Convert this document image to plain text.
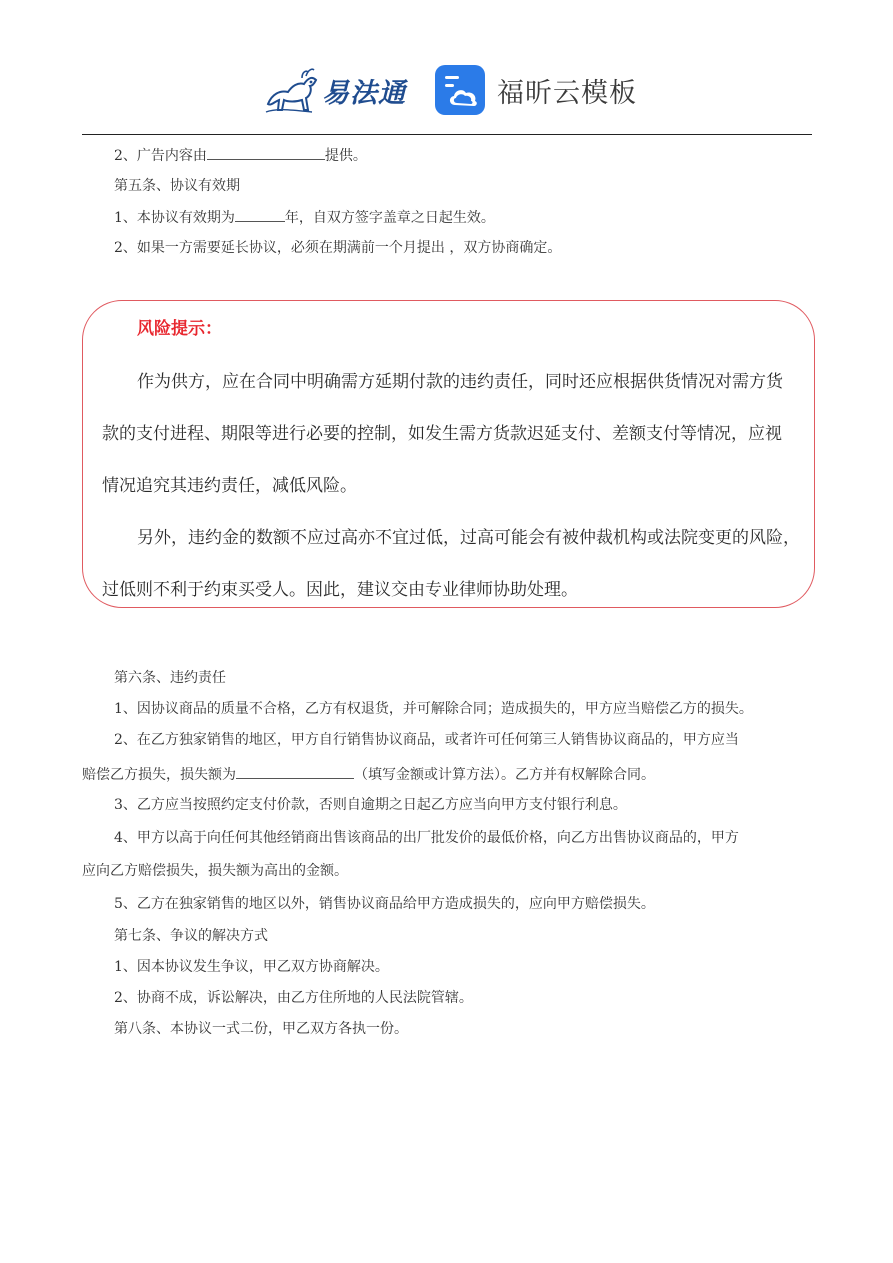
易法通	福昕云模板
2、广告内容由	提供。
第五条、协议有效期
1、本协议有效期为	年，自双方签字盖章之日起生效。
2、如果一方需要延长协议，必须在期满前一个月提出 ，双方协商确定。
风险提示：
作为供方，应在合同中明确需方延期付款的违约责任，同时还应根据供货情况对需方货
款的支付进程、期限等进行必要的控制，如发生需方货款迟延支付、差额支付等情况，应视
情况追究其违约责任，减低风险。
另外，违约金的数额不应过高亦不宜过低，过高可能会有被仲裁机构或法院变更的风险，
过低则不利于约束买受人。因此，建议交由专业律师协助处理。
第六条、违约责任
1、因协议商品的质量不合格，乙方有权退货，并可解除合同；造成损失的，甲方应当赔偿乙方的损失。
2、在乙方独家销售的地区，甲方自行销售协议商品，或者许可任何第三人销售协议商品的，甲方应当
赔偿乙方损失，损失额为	（填写金额或计算方法）。乙方并有权解除合同。
3、乙方应当按照约定支付价款，否则自逾期之日起乙方应当向甲方支付银行利息。
4、甲方以高于向任何其他经销商出售该商品的出厂批发价的最低价格，向乙方出售协议商品的，甲方
应向乙方赔偿损失，损失额为高出的金额。
5、乙方在独家销售的地区以外，销售协议商品给甲方造成损失的，应向甲方赔偿损失。
第七条、争议的解决方式
1、因本协议发生争议，甲乙双方协商解决。
2、协商不成，诉讼解决，由乙方住所地的人民法院管辖。
第八条、本协议一式二份，甲乙双方各执一份。
